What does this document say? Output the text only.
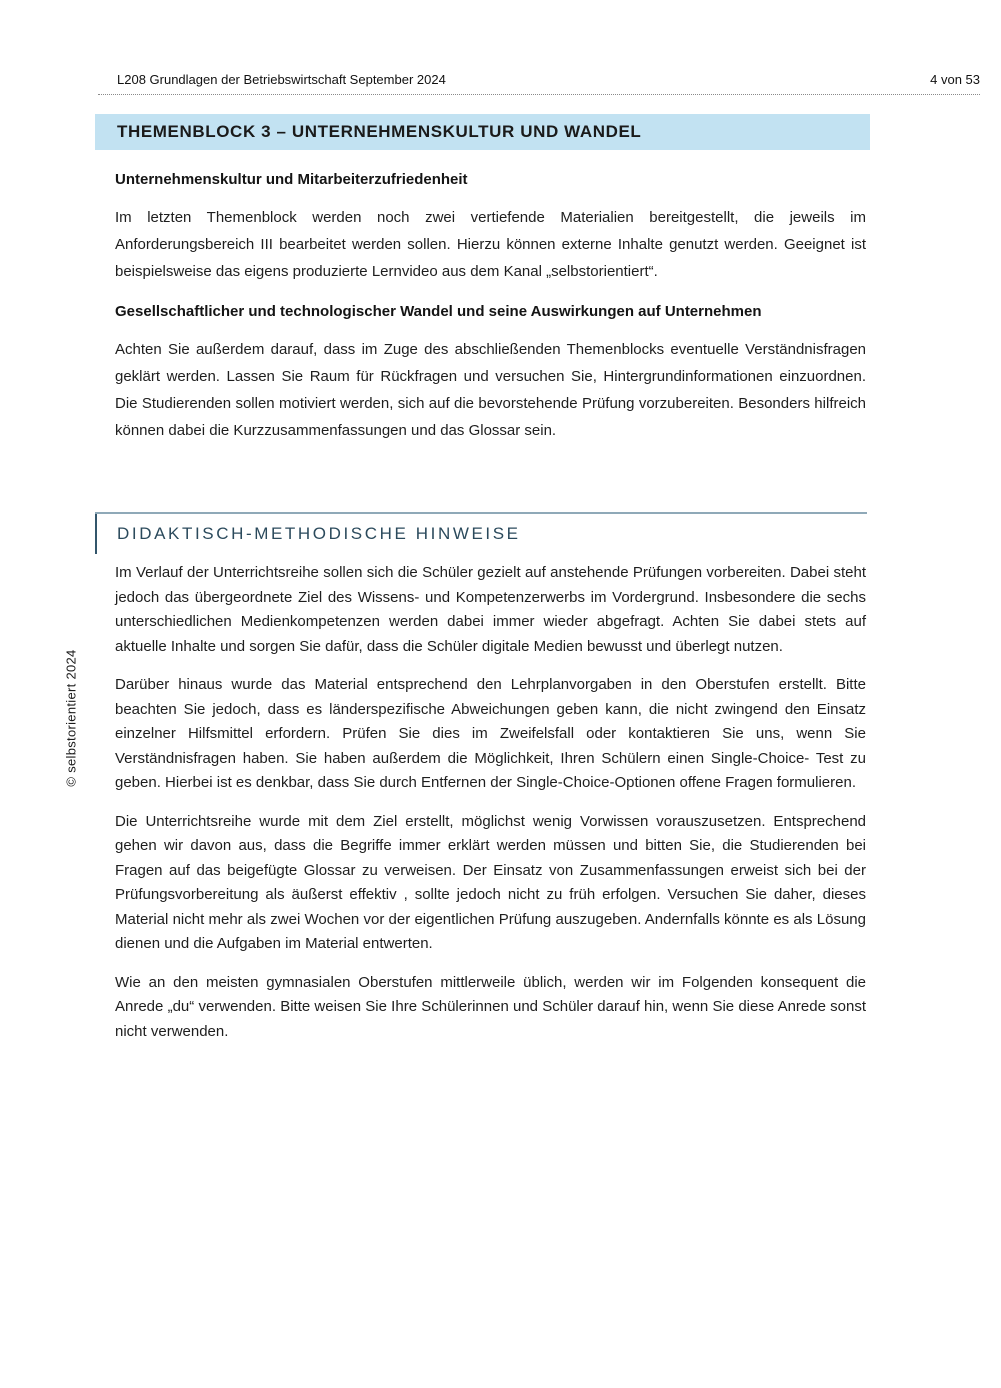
L208 Grundlagen der Betriebswirtschaft September 2024	4 von 53
THEMENBLOCK 3 – UNTERNEHMENSKULTUR UND WANDEL
Unternehmenskultur und Mitarbeiterzufriedenheit

Im letzten Themenblock werden noch zwei vertiefende Materialien bereitgestellt, die jeweils im Anforderungsbereich III bearbeitet werden sollen. Hierzu können externe Inhalte genutzt werden. Geeignet ist beispielsweise das eigens produzierte Lernvideo aus dem Kanal „selbstorientiert“.

Gesellschaftlicher und technologischer Wandel und seine Auswirkungen auf Unternehmen

Achten Sie außerdem darauf, dass im Zuge des abschließenden Themenblocks eventuelle Verständnisfragen geklärt werden. Lassen Sie Raum für Rückfragen und versuchen Sie, Hintergrundinformationen einzuordnen. Die Studierenden sollen motiviert werden, sich auf die bevorstehende Prüfung vorzubereiten. Besonders hilfreich können dabei die Kurzzusammenfassungen und das Glossar sein.

DIDAKTISCH-METHODISCHE HINWEISE

Im Verlauf der Unterrichtsreihe sollen sich die Schüler gezielt auf anstehende Prüfungen vorbereiten. Dabei steht jedoch das übergeordnete Ziel des Wissens- und Kompetenzerwerbs im Vordergrund. Insbesondere die sechs unterschiedlichen Medienkompetenzen werden dabei immer wieder abgefragt. Achten Sie dabei stets auf aktuelle Inhalte und sorgen Sie dafür, dass die Schüler digitale Medien bewusst und überlegt nutzen.

Darüber hinaus wurde das Material entsprechend den Lehrplanvorgaben in den Oberstufen erstellt. Bitte beachten Sie jedoch, dass es länderspezifische Abweichungen geben kann, die nicht zwingend den Einsatz einzelner Hilfsmittel erfordern. Prüfen Sie dies im Zweifelsfall oder kontaktieren Sie uns, wenn Sie Verständnisfragen haben. Sie haben außerdem die Möglichkeit, Ihren Schülern einen Single-Choice- Test zu geben. Hierbei ist es denkbar, dass Sie durch Entfernen der Single-Choice-Optionen offene Fragen formulieren.

Die Unterrichtsreihe wurde mit dem Ziel erstellt, möglichst wenig Vorwissen vorauszusetzen. Entsprechend gehen wir davon aus, dass die Begriffe immer erklärt werden müssen und bitten Sie, die Studierenden bei Fragen auf das beigefügte Glossar zu verweisen. Der Einsatz von Zusammenfassungen erweist sich bei der Prüfungsvorbereitung als äußerst effektiv , sollte jedoch nicht zu früh erfolgen. Versuchen Sie daher, dieses Material nicht mehr als zwei Wochen vor der eigentlichen Prüfung auszugeben. Andernfalls könnte es als Lösung dienen und die Aufgaben im Material entwerten.

Wie an den meisten gymnasialen Oberstufen mittlerweile üblich, werden wir im Folgenden konsequent die Anrede „du“ verwenden. Bitte weisen Sie Ihre Schülerinnen und Schüler darauf hin, wenn Sie diese Anrede sonst nicht verwenden.

© selbstorientiert 2024
